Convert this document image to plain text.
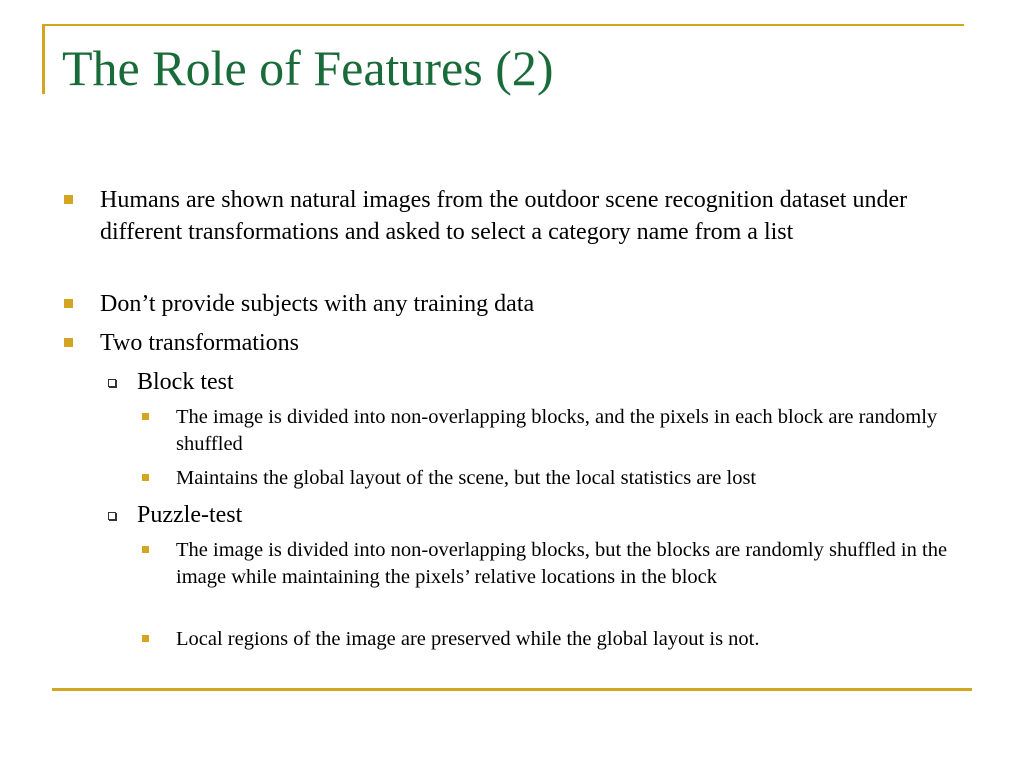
The Role of Features (2)
Humans are shown natural images from the outdoor scene recognition dataset under different transformations and asked to select a category name from a list
Don’t provide subjects with any training data
Two transformations
Block test
The image is divided into non-overlapping blocks, and the pixels in each block are randomly shuffled
Maintains the global layout of the scene, but the local statistics are lost
Puzzle-test
The image is divided into non-overlapping blocks, but the blocks are randomly shuffled in the image while maintaining the pixels’ relative locations in the block
Local regions of the image are preserved while the global layout is not.
